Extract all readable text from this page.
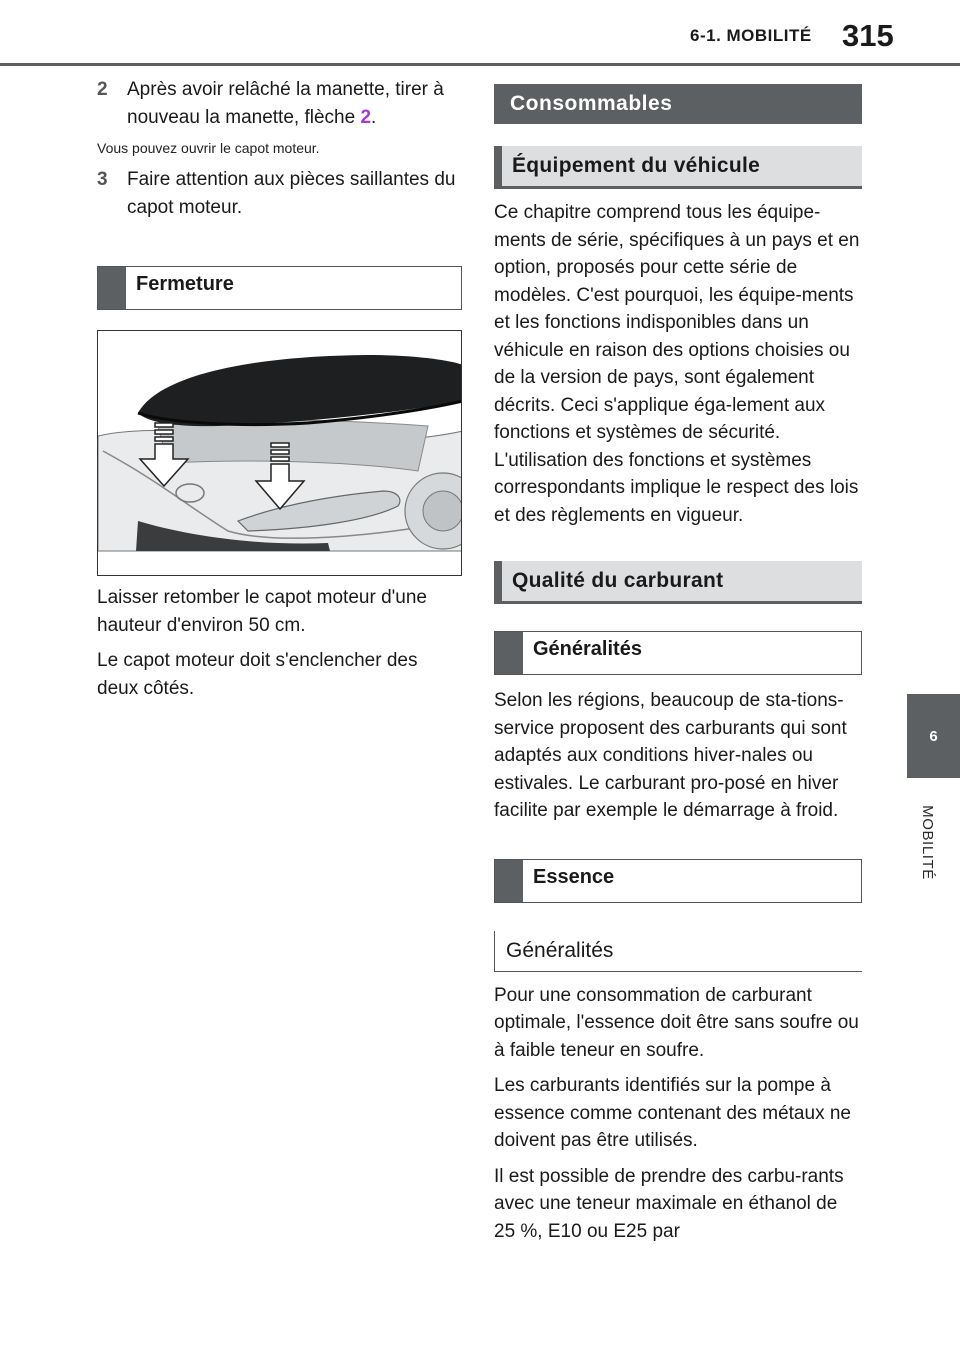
6-1. MOBILITÉ 315
6
MOBILITÉ
2	Après avoir relâché la manette, tirer à nouveau la manette, flèche 2.
Vous pouvez ouvrir le capot moteur.
3	Faire attention aux pièces saillantes du capot moteur.
Fermeture

Laisser retomber le capot moteur d'une hauteur d'environ 50 cm.

Le capot moteur doit s'enclencher des deux côtés.

Consommables
Équipement du véhicule

Ce chapitre comprend tous les équipe-ments de série, spécifiques à un pays et en option, proposés pour cette série de modèles. C'est pourquoi, les équipe-ments et les fonctions indisponibles dans un véhicule en raison des options choisies ou de la version de pays, sont également décrits. Ceci s'applique éga-lement aux fonctions et systèmes de sécurité. L'utilisation des fonctions et systèmes correspondants implique le respect des lois et des règlements en vigueur.

Qualité du carburant
Généralités

Selon les régions, beaucoup de sta-tions-service proposent des carburants qui sont adaptés aux conditions hiver-nales ou estivales. Le carburant pro-posé en hiver facilite par exemple le démarrage à froid.

Essence
Généralités

Pour une consommation de carburant optimale, l'essence doit être sans soufre ou à faible teneur en soufre.

Les carburants identifiés sur la pompe à essence comme contenant des métaux ne doivent pas être utilisés.

Il est possible de prendre des carbu-rants avec une teneur maximale en éthanol de 25 %, E10 ou E25 par
